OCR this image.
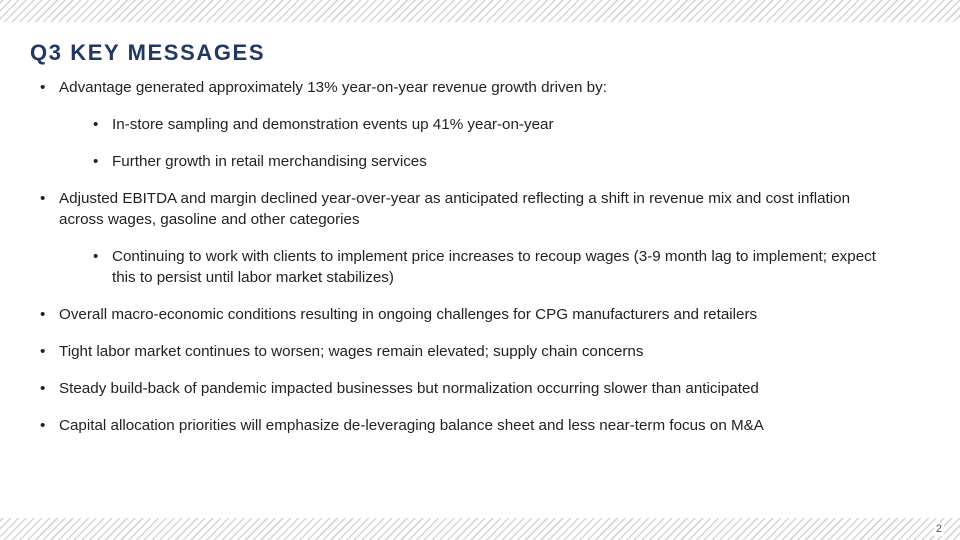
Q3 KEY MESSAGES
• Advantage generated approximately 13% year-on-year revenue growth driven by:
• In-store sampling and demonstration events up 41% year-on-year
• Further growth in retail merchandising services
• Adjusted EBITDA and margin declined year-over-year as anticipated reflecting a shift in revenue mix and cost inflation across wages, gasoline and other categories
• Continuing to work with clients to implement price increases to recoup wages (3-9 month lag to implement; expect this to persist until labor market stabilizes)
• Overall macro-economic conditions resulting in ongoing challenges for CPG manufacturers and retailers
• Tight labor market continues to worsen; wages remain elevated; supply chain concerns
• Steady build-back of pandemic impacted businesses but normalization occurring slower than anticipated
• Capital allocation priorities will emphasize de-leveraging balance sheet and less near-term focus on M&A
2
